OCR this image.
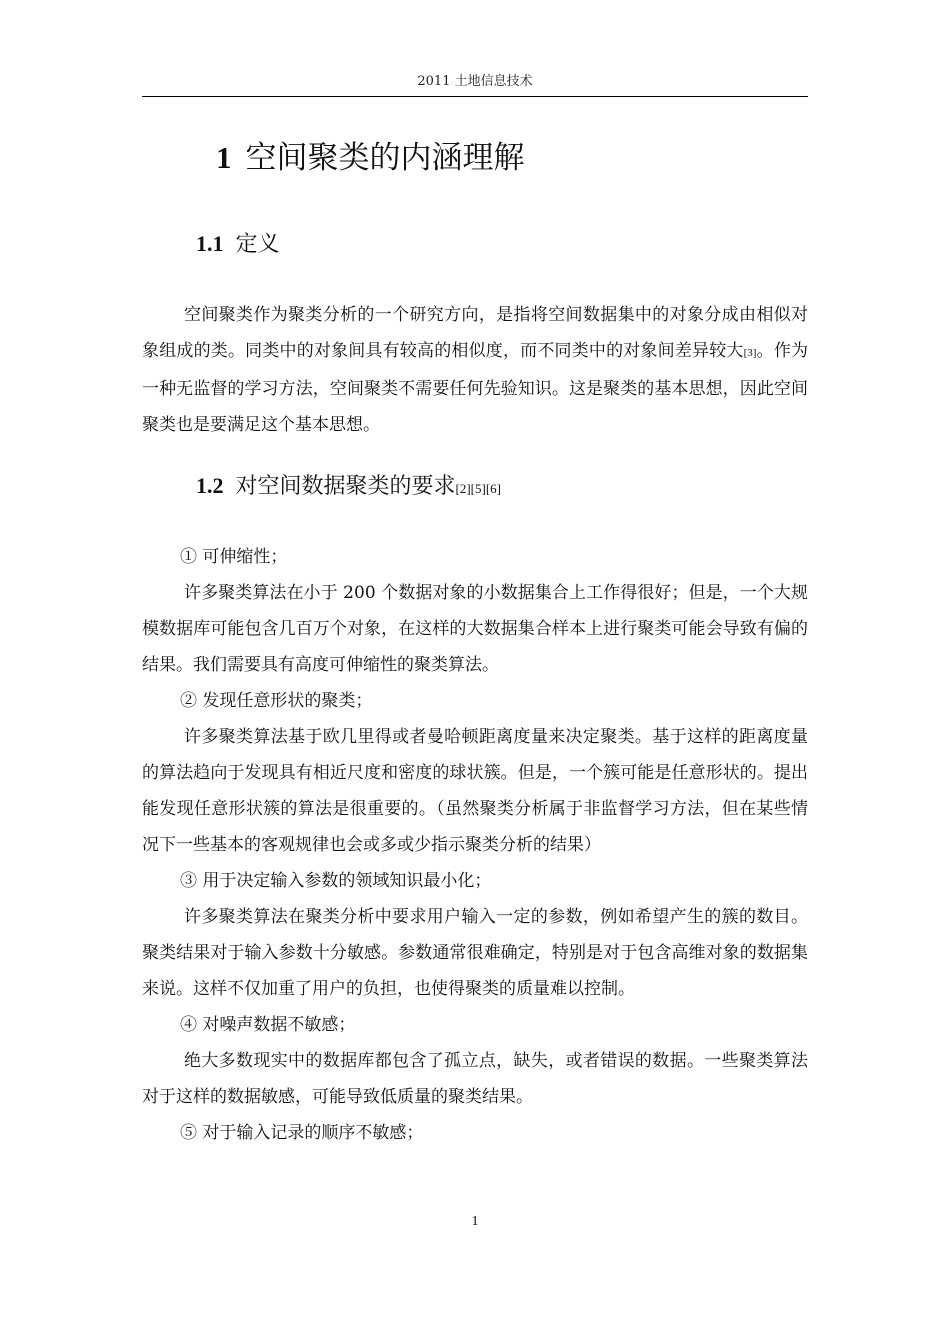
2011 土地信息技术
1 空间聚类的内涵理解
1.1 定义

空间聚类作为聚类分析的一个研究方向，是指将空间数据集中的对象分成由相似对象组成的类。同类中的对象间具有较高的相似度，而不同类中的对象间差异较大[3]。作为一种无监督的学习方法，空间聚类不需要任何先验知识。这是聚类的基本思想，因此空间聚类也是要满足这个基本思想。

1.2 对空间数据聚类的要求[2][5][6]

① 可伸缩性；

许多聚类算法在小于 200 个数据对象的小数据集合上工作得很好；但是，一个大规模数据库可能包含几百万个对象，在这样的大数据集合样本上进行聚类可能会导致有偏的结果。我们需要具有高度可伸缩性的聚类算法。

② 发现任意形状的聚类；

许多聚类算法基于欧几里得或者曼哈顿距离度量来决定聚类。基于这样的距离度量的算法趋向于发现具有相近尺度和密度的球状簇。但是，一个簇可能是任意形状的。提出能发现任意形状簇的算法是很重要的。（虽然聚类分析属于非监督学习方法，但在某些情况下一些基本的客观规律也会或多或少指示聚类分析的结果）

③ 用于决定输入参数的领域知识最小化；

许多聚类算法在聚类分析中要求用户输入一定的参数，例如希望产生的簇的数目。聚类结果对于输入参数十分敏感。参数通常很难确定，特别是对于包含高维对象的数据集来说。这样不仅加重了用户的负担，也使得聚类的质量难以控制。

④ 对噪声数据不敏感；

绝大多数现实中的数据库都包含了孤立点，缺失，或者错误的数据。一些聚类算法对于这样的数据敏感，可能导致低质量的聚类结果。

⑤ 对于输入记录的顺序不敏感；

1
